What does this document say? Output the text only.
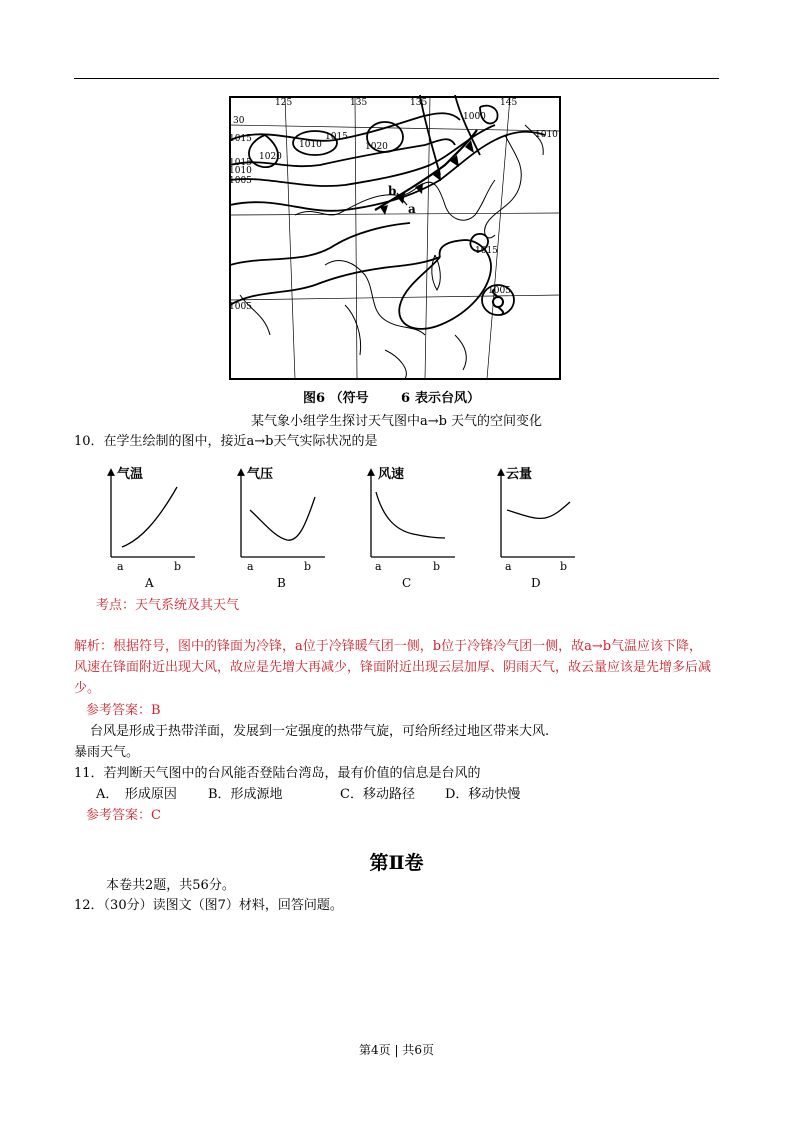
b
a
125	135	135	145
30
1015
1020
1015
1010
1005
1010
1015
1020
1000
1010
1015
1005
1005
图6 （符号 6 表示台风）
某气象小组学生探讨天气图中a→b 天气的空间变化
10．在学生绘制的图中，接近a→b天气实际状况的是
气温
a	b
A
气压
a	b
B
风速
a	b
C
云量
a	b
D
考点：天气系统及其天气
解析：根据符号，图中的锋面为冷锋，a位于冷锋暖气团一侧，b位于冷锋冷气团一侧，故a→b气温应该下降，风速在锋面附近出现大风，故应是先增大再减少，锋面附近出现云层加厚、阴雨天气，故云量应该是先增多后减少。
参考答案：B
台风是形成于热带洋面，发展到一定强度的热带气旋，可给所经过地区带来大风.
暴雨天气。
11．若判断天气图中的台风能否登陆台湾岛，最有价值的信息是台风的
A．　形成原因 B．形成源地	C．移动路径 D．移动快慢
参考答案：C
第Ⅱ卷
本卷共2题，共56分。
12．（30分）读图文（图7）材料，回答问题。
第4页 | 共6页
